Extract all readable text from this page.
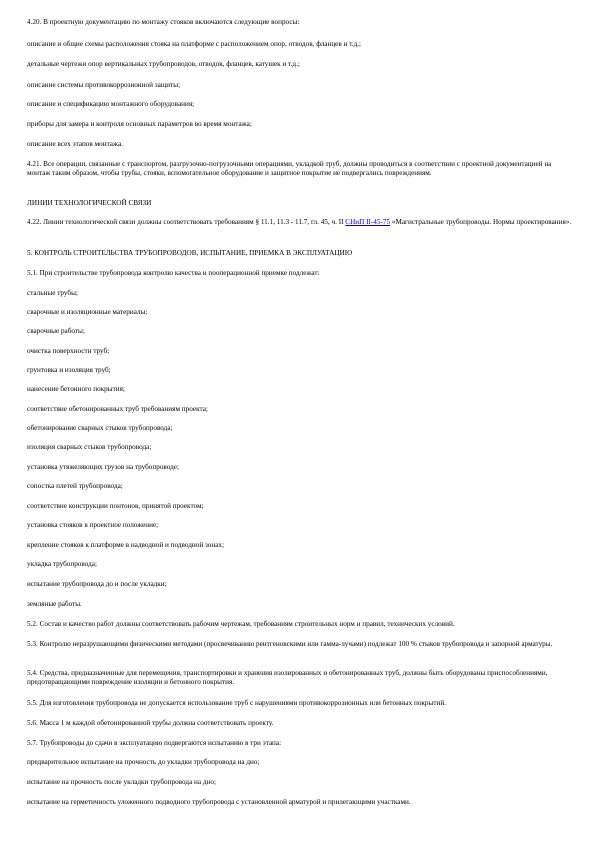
4.20. В проектную документацию по монтажу стояков включаются следующие вопросы:
описание и общие схемы расположения стояка на платформе с расположением опор, отводов, фланцев и т.д.;
детальные чертежи опор вертикальных трубопроводов, отводов, фланцев, катушек и т.д.;
описание системы противокоррозионной защиты;
описание и спецификацию монтажного оборудования;
приборы для замера и контроля основных параметров во время монтажа;
описание всех этапов монтажа.
4.21. Все операции, связанные с транспортом, разгрузочно-погрузочными операциями, укладкой труб, должны проводиться в соответствии с проектной документацией на монтаж таким образом, чтобы трубы, стояки, вспомогательное оборудование и защитное покрытие не подвергались повреждениям.
ЛИНИИ ТЕХНОЛОГИЧЕСКОЙ СВЯЗИ
4.22. Линии технологической связи должны соответствовать требованиям § 11.1, 11.3 - 11.7, гл. 45, ч. II СНиП II-45-75 «Магистральные трубопроводы. Нормы проектирования».
5. КОНТРОЛЬ СТРОИТЕЛЬСТВА ТРУБОПРОВОДОВ, ИСПЫТАНИЕ, ПРИЕМКА В ЭКСПЛУАТАЦИЮ
5.1. При строительстве трубопровода контролю качества и пооперационной приемке подлежат:
стальные трубы;
сварочные и изоляционные материалы;
сварочные работы;
очистка поверхности труб;
грунтовка и изоляция труб;
нанесение бетонного покрытия;
соответствие обетонированных труб требованиям проекта;
обетонирование сварных стыков трубопровода;
изоляция сварных стыков трубопровода;
установка утяжеляющих грузов на трубопроводе;
сопостка плетей трубопровода;
соответствие конструкции понтонов, принятой проектом;
установка стояков в проектное положение;
крепление стояков к платформе в надводной и подводной зонах;
укладка трубопровода;
испытание трубопровода до и после укладки;
земляные работы.
5.2. Состав и качество работ должны соответствовать рабочим чертежам, требованиям строительных норм и правил, технических условий.
5.3. Контролю неразрушающими физическими методами (просвечиванию рентгеновскими или гамма-лучами) подлежат 100 % стыков трубопровода и запорной арматуры.
5.4. Средства, предназначенные для перемещения, транспортировки и хранения изолированных и обетонированных труб, должны быть оборудованы приспособлениями, предотвращающими повреждение изоляции и бетонного покрытия.
5.5. Для изготовления трубопровода не допускается использование труб с нарушениями противокоррозионных или бетонных покрытий.
5.6. Масса 1 м каждой обетонированной трубы должна соответствовать проекту.
5.7. Трубопроводы до сдачи в эксплуатацию подвергаются испытанию в три этапа:
предварительное испытание на прочность до укладки трубопровода на дно;
испытание на прочность после укладки трубопровода на дно;
испытание на герметичность уложенного подводного трубопровода с установленной арматурой и прилегающими участками.
